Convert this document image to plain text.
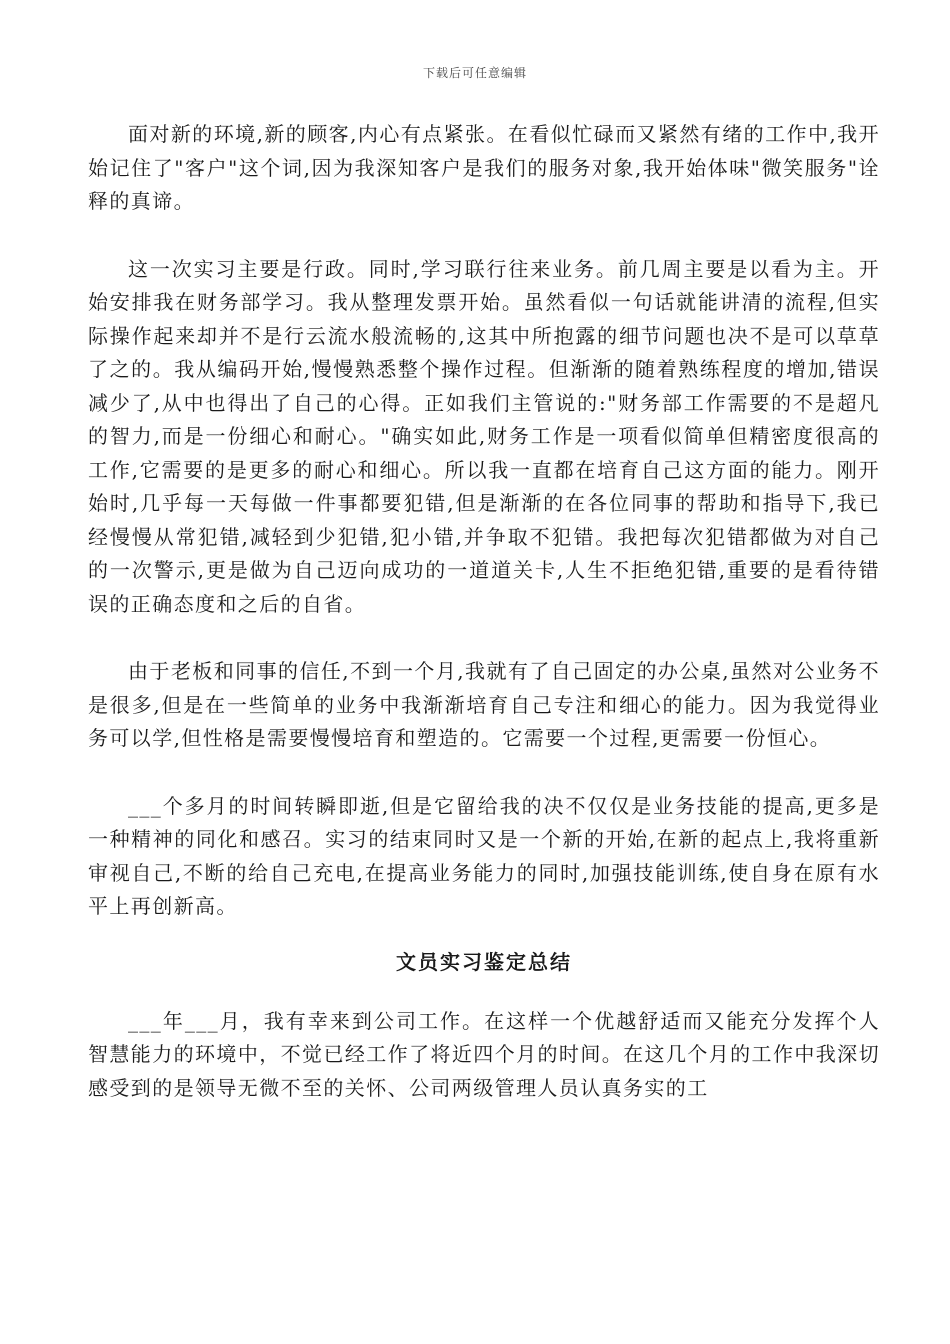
下载后可任意编辑

面对新的环境,新的顾客,内心有点紧张。在看似忙碌而又紧然有绪的工作中,我开始记住了"客户"这个词,因为我深知客户是我们的服务对象,我开始体味"微笑服务"诠释的真谛。

这一次实习主要是行政。同时,学习联行往来业务。前几周主要是以看为主。开始安排我在财务部学习。我从整理发票开始。虽然看似一句话就能讲清的流程,但实际操作起来却并不是行云流水般流畅的,这其中所抱露的细节问题也决不是可以草草了之的。我从编码开始,慢慢熟悉整个操作过程。但渐渐的随着熟练程度的增加,错误减少了,从中也得出了自己的心得。正如我们主管说的:"财务部工作需要的不是超凡的智力,而是一份细心和耐心。"确实如此,财务工作是一项看似简单但精密度很高的工作,它需要的是更多的耐心和细心。所以我一直都在培育自己这方面的能力。刚开始时,几乎每一天每做一件事都要犯错,但是渐渐的在各位同事的帮助和指导下,我已经慢慢从常犯错,减轻到少犯错,犯小错,并争取不犯错。我把每次犯错都做为对自己的一次警示,更是做为自己迈向成功的一道道关卡,人生不拒绝犯错,重要的是看待错误的正确态度和之后的自省。

由于老板和同事的信任,不到一个月,我就有了自己固定的办公桌,虽然对公业务不是很多,但是在一些简单的业务中我渐渐培育自己专注和细心的能力。因为我觉得业务可以学,但性格是需要慢慢培育和塑造的。它需要一个过程,更需要一份恒心。

___个多月的时间转瞬即逝,但是它留给我的决不仅仅是业务技能的提高,更多是一种精神的同化和感召。实习的结束同时又是一个新的开始,在新的起点上,我将重新审视自己,不断的给自己充电,在提高业务能力的同时,加强技能训练,使自身在原有水平上再创新高。

文员实习鉴定总结

___年___月，我有幸来到公司工作。在这样一个优越舒适而又能充分发挥个人智慧能力的环境中，不觉已经工作了将近四个月的时间。在这几个月的工作中我深切感受到的是领导无微不至的关怀、公司两级管理人员认真务实的工
